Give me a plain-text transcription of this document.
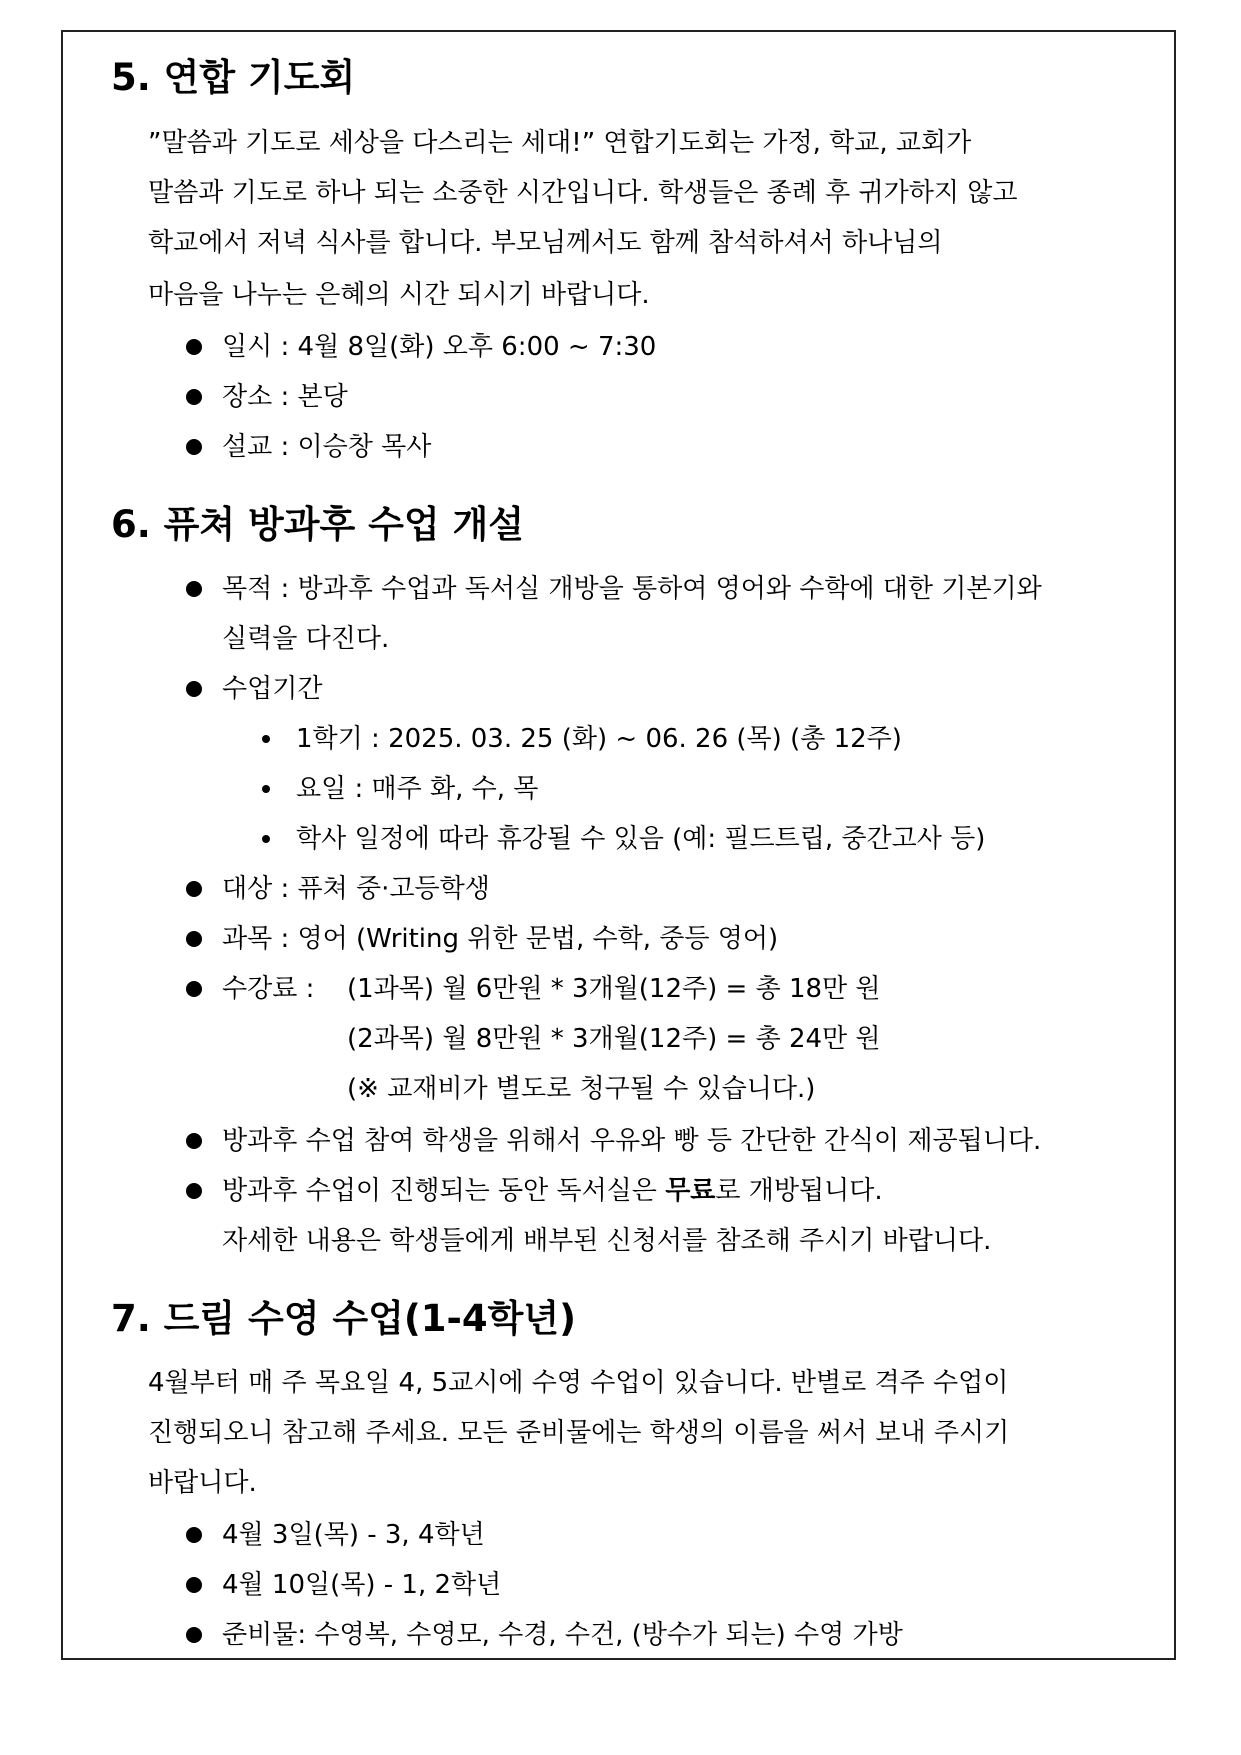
5. 연합 기도회
”말씀과 기도로 세상을 다스리는 세대!” 연합기도회는 가정, 학교, 교회가
말씀과 기도로 하나 되는 소중한 시간입니다. 학생들은 종례 후 귀가하지 않고
학교에서 저녁 식사를 합니다. 부모님께서도 함께 참석하셔서 하나님의
마음을 나누는 은혜의 시간 되시기 바랍니다.
일시 : 4월 8일(화) 오후 6:00 ~ 7:30
장소 : 본당
설교 : 이승창 목사
6. 퓨쳐 방과후 수업 개설
목적 : 방과후 수업과 독서실 개방을 통하여 영어와 수학에 대한 기본기와
실력을 다진다.
수업기간
1학기 : 2025. 03. 25 (화) ~ 06. 26 (목) (총 12주)
요일 : 매주 화, 수, 목
학사 일정에 따라 휴강될 수 있음 (예: 필드트립, 중간고사 등)
대상 : 퓨쳐 중·고등학생
과목 : 영어 (Writing 위한 문법, 수학, 중등 영어)
수강료 : (1과목) 월 6만원 * 3개월(12주) = 총 18만 원
(2과목) 월 8만원 * 3개월(12주) = 총 24만 원
(※ 교재비가 별도로 청구될 수 있습니다.)
방과후 수업 참여 학생을 위해서 우유와 빵 등 간단한 간식이 제공됩니다.
방과후 수업이 진행되는 동안 독서실은 무료로 개방됩니다.
자세한 내용은 학생들에게 배부된 신청서를 참조해 주시기 바랍니다.
7. 드림 수영 수업(1-4학년)
4월부터 매 주 목요일 4, 5교시에 수영 수업이 있습니다. 반별로 격주 수업이
진행되오니 참고해 주세요. 모든 준비물에는 학생의 이름을 써서 보내 주시기
바랍니다.
4월 3일(목) - 3, 4학년
4월 10일(목) - 1, 2학년
준비물: 수영복, 수영모, 수경, 수건, (방수가 되는) 수영 가방
